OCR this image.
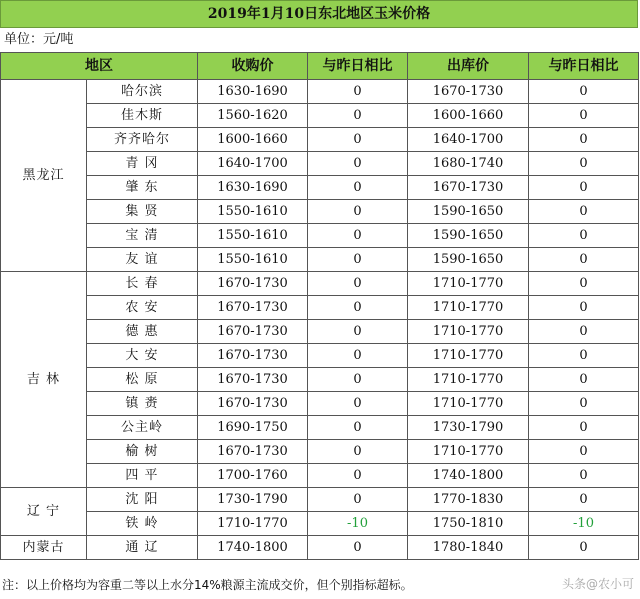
2019年1月10日东北地区玉米价格
单位：元/吨
地区		收购价	与昨日相比	出库价	与昨日相比
黑龙江	哈尔滨	1630-1690	0	1670-1730	0
	佳木斯	1560-1620	0	1600-1660	0
	齐齐哈尔	1600-1660	0	1640-1700	0
	青 冈	1640-1700	0	1680-1740	0
	肇 东	1630-1690	0	1670-1730	0
	集 贤	1550-1610	0	1590-1650	0
	宝 清	1550-1610	0	1590-1650	0
	友 谊	1550-1610	0	1590-1650	0
吉 林	长 春	1670-1730	0	1710-1770	0
	农 安	1670-1730	0	1710-1770	0
	德 惠	1670-1730	0	1710-1770	0
	大 安	1670-1730	0	1710-1770	0
	松 原	1670-1730	0	1710-1770	0
	镇 赉	1670-1730	0	1710-1770	0
	公主岭	1690-1750	0	1730-1790	0
	榆 树	1670-1730	0	1710-1770	0
	四 平	1700-1760	0	1740-1800	0
辽 宁	沈 阳	1730-1790	0	1770-1830	0
	铁 岭	1710-1770	-10	1750-1810	-10
内蒙古	通 辽	1740-1800	0	1780-1840	0
注：以上价格均为容重二等以上水分14%粮源主流成交价，但个别指标超标。	头条@农小可
